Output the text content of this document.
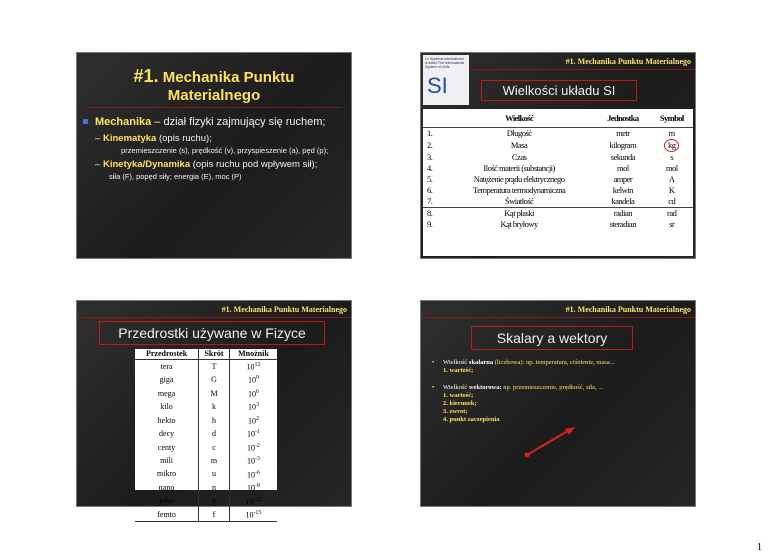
#1. Mechanika Punktu
Materialnego
Mechanika – dział fizyki zajmujący się ruchem;
– Kinematyka (opis ruchu);
przemieszczenie (s), prędkość (v), przyspieszenie (a), pęd (p);
– Kinetyka/Dynamika (opis ruchu pod wpływem sił);
siła (F), popęd siły; energia (E), moc (P)
#1. Mechanika Punktu Materialnego
Le Système international d'unités The International System of Units
SI	Wielkości układu SI
	Wielkość	Jednostka	Symbol
1.	Długość	metr	m
2.	Masa	kilogram	kg
3.	Czas	sekunda	s
4.	Ilość materii (substancji)	mol	mol
5.	Natężenie prądu elektrycznego	amper	A
6.	Temperatura termodynamiczna	kelwin	K
7.	Światłość	kandela	cd
8.	Kąt płaski	radian	rad
9.	Kąt bryłowy	steradian	sr
#1. Mechanika Punktu Materialnego
Przedrostki używane w Fizyce
Przedrostek	Skrót	Mnożnik
tera	T	$10^{12}$
giga	G	$10^9$
mega	M	$10^6$
kilo	k	$10^3$
hekto	h	$10^2$
decy	d	$10^{-1}$
centy	c	$10^{-2}$
mili	m	$10^{-3}$
mikro	u	$10^{-6}$
nano	n	$10^{-9}$
piko	p	$10^{-12}$
femto	f	$10^{-15}$
#1. Mechanika Punktu Materialnego
Skalary a wektory
• Wielkość skalarna (liczbowa): np. temperatura, ciśnienie, masa...
1. wartość;
• Wielkość wektorowa: np. przemieszczenie, prędkość, siła, ...
1. wartość;
2. kierunek;
3. zwrot;
4. punkt zaczepienia
1
